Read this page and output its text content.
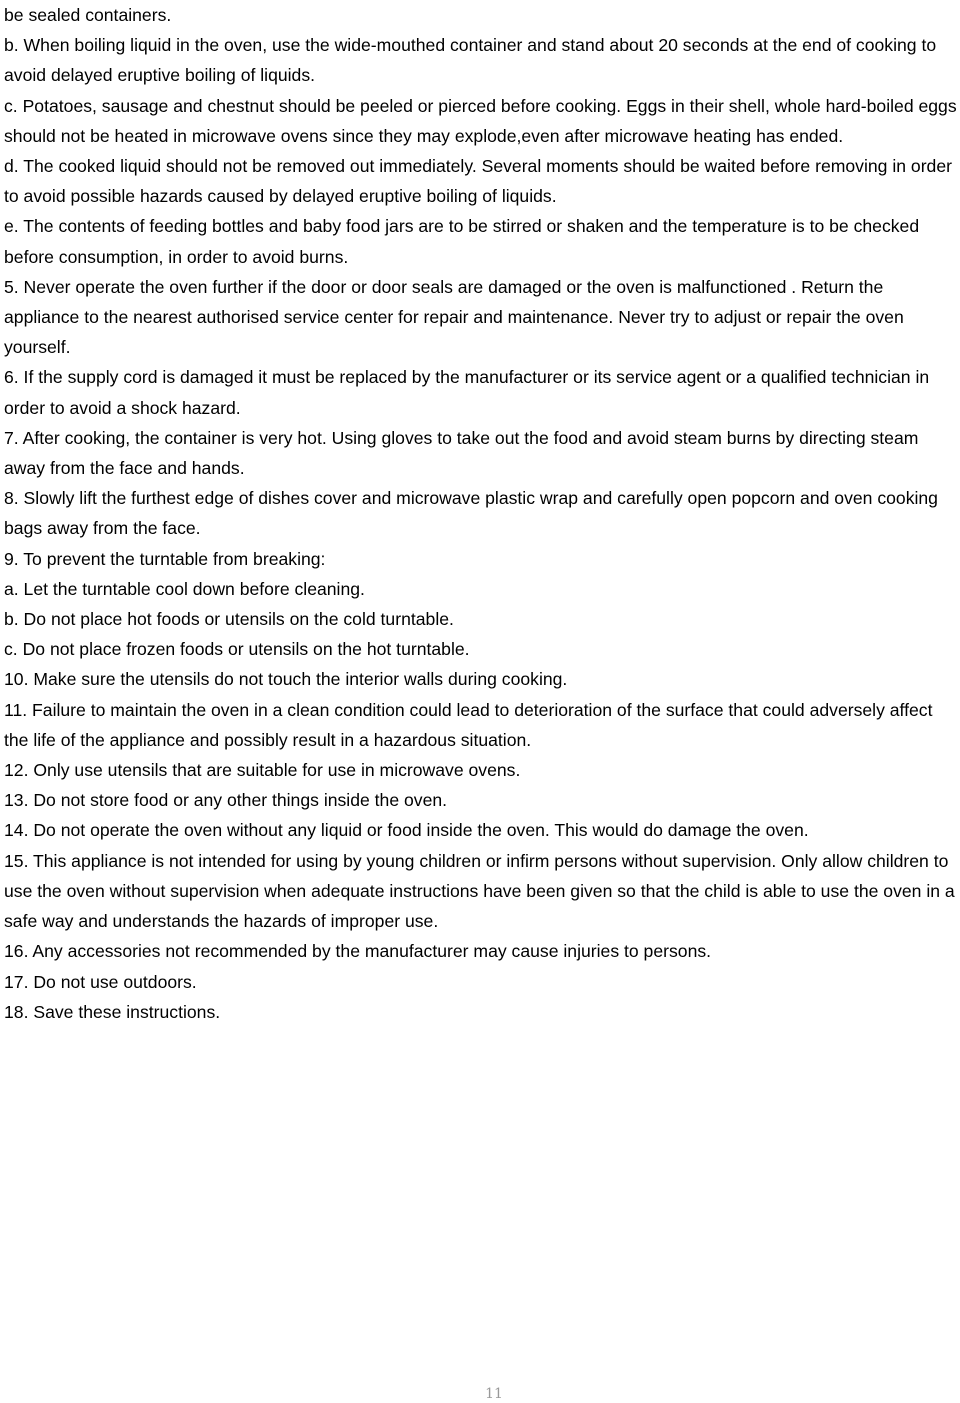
be sealed containers.

b. When boiling liquid in the oven, use the wide-mouthed container and stand about 20 seconds at the end of cooking to avoid delayed eruptive boiling of liquids.

c. Potatoes, sausage and chestnut should be peeled or pierced before cooking. Eggs in their shell, whole hard-boiled eggs should not be heated in microwave ovens since they may explode,even after microwave heating has ended.

d. The cooked liquid should not be removed out immediately. Several moments should be waited before removing in order to avoid possible hazards caused by delayed eruptive boiling of liquids.

e. The contents of feeding bottles and baby food jars are to be stirred or shaken and the temperature is to be checked before consumption, in order to avoid burns.

5. Never operate the oven further if the door or door seals are damaged or the oven is malfunctioned . Return the appliance to the nearest authorised service center for repair and maintenance. Never try to adjust or repair the oven yourself.

6. If the supply cord is damaged it must be replaced by the manufacturer or its service agent or a qualified technician in order to avoid a shock hazard.

7. After cooking, the container is very hot. Using gloves to take out the food and avoid steam burns by directing steam away from the face and hands.

8. Slowly lift the furthest edge of dishes cover and microwave plastic wrap and carefully open popcorn and oven cooking bags away from the face.

9. To prevent the turntable from breaking:

a. Let the turntable cool down before cleaning.

b. Do not place hot foods or utensils on the cold turntable.

c. Do not place frozen foods or utensils on the hot turntable.

10. Make sure the utensils do not touch the interior walls during cooking.

11. Failure to maintain the oven in a clean condition could lead to deterioration of the surface that could adversely affect the life of the appliance and possibly result in a hazardous situation.

12. Only use utensils that are suitable for use in microwave ovens.

13. Do not store food or any other things inside the oven.

14. Do not operate the oven without any liquid or food inside the oven. This would do damage the oven.

15. This appliance is not intended for using by young children or infirm persons without supervision. Only allow children to use the oven without supervision when adequate instructions have been given so that the child is able to use the oven in a safe way and understands the hazards of improper use.

16. Any accessories not recommended by the manufacturer may cause injuries to persons.

17. Do not use outdoors.

18. Save these instructions.

11
